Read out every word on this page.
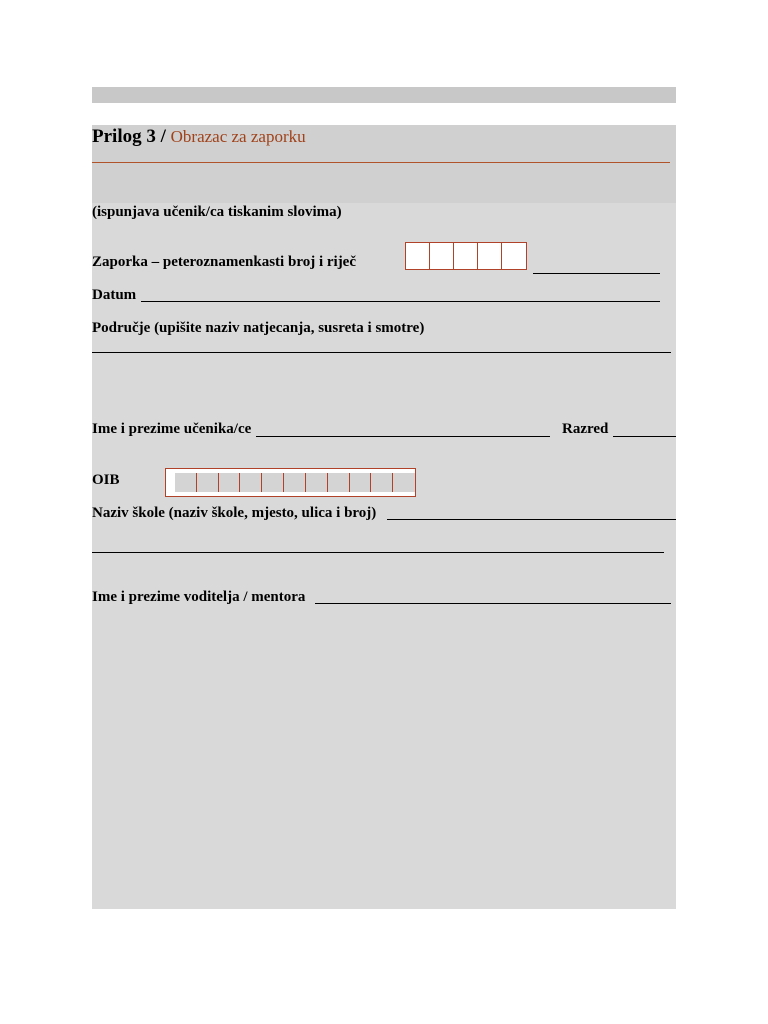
Prilog 3 / Obrazac za zaporku
(ispunjava učenik/ca tiskanim slovima)
Zaporka – peteroznamenkasti broj i riječ
Datum
Područje (upišite naziv natjecanja, susreta i smotre)
Ime i prezime učenika/ce	Razred
OIB
Naziv škole (naziv škole, mjesto, ulica i broj)
Ime i prezime voditelja / mentora
